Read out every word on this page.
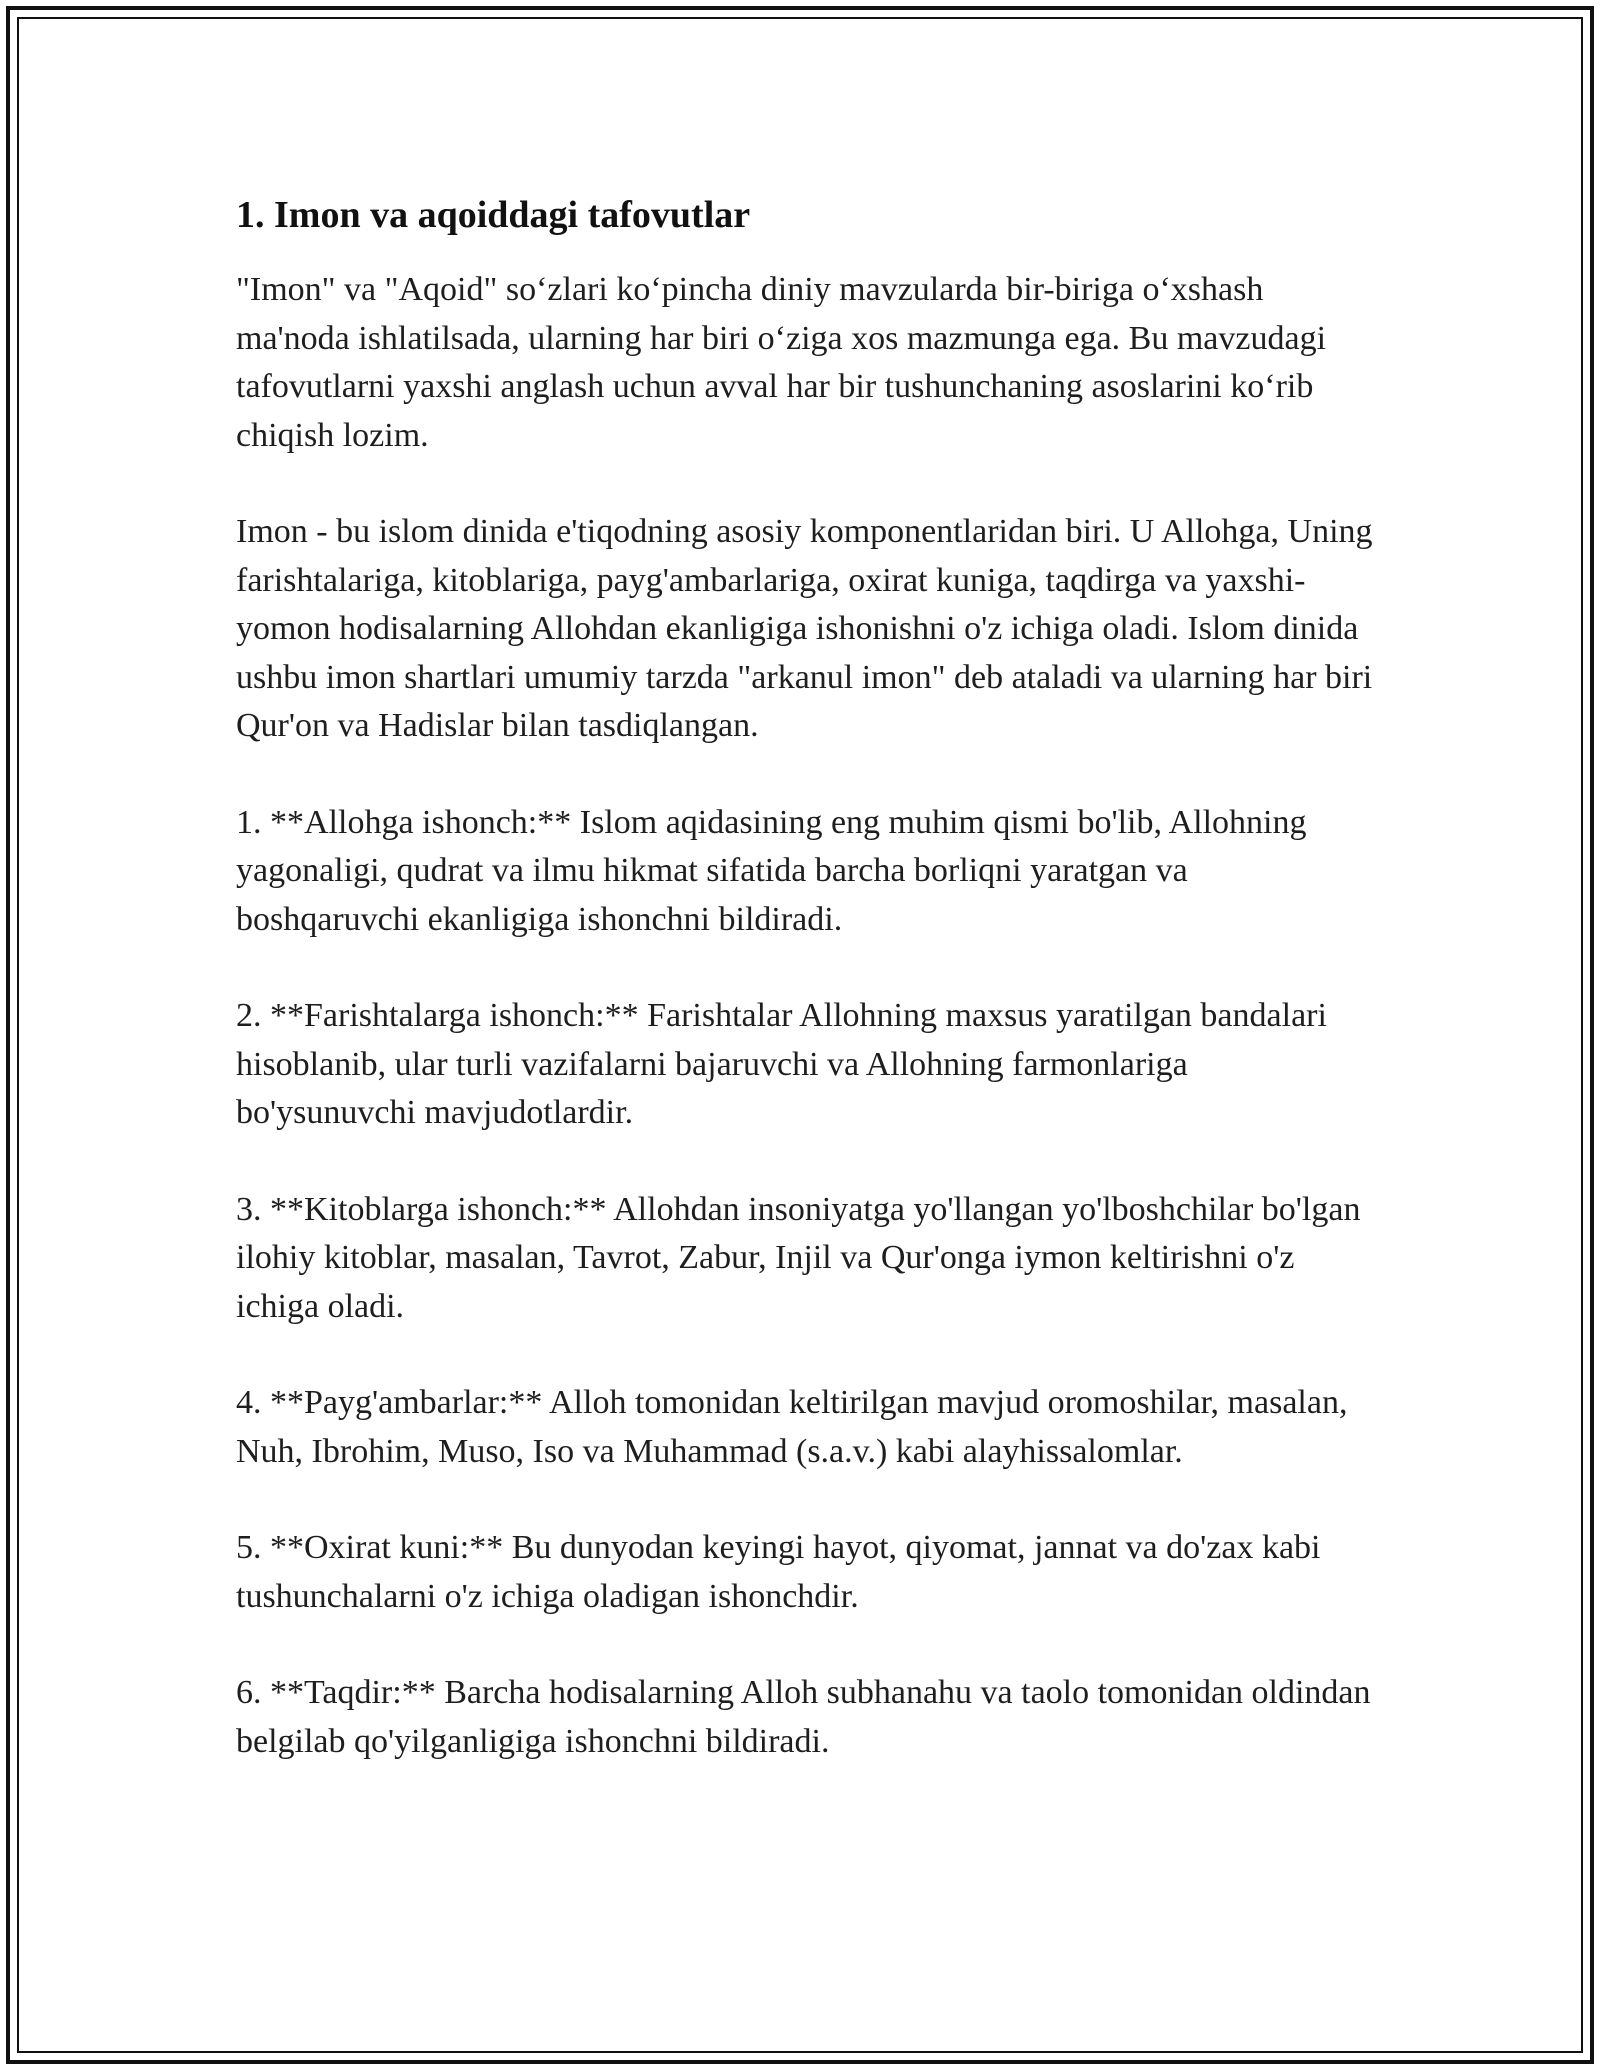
1. Imon va aqoiddagi tafovutlar

"Imon" va "Aqoid" so‘zlari ko‘pincha diniy mavzularda bir-biriga o‘xshash ma'noda ishlatilsada, ularning har biri o‘ziga xos mazmunga ega. Bu mavzudagi tafovutlarni yaxshi anglash uchun avval har bir tushunchaning asoslarini ko‘rib chiqish lozim.

Imon - bu islom dinida e'tiqodning asosiy komponentlaridan biri. U Allohga, Uning farishtalariga, kitoblariga, payg'ambarlariga, oxirat kuniga, taqdirga va yaxshi-yomon hodisalarning Allohdan ekanligiga ishonishni o'z ichiga oladi. Islom dinida ushbu imon shartlari umumiy tarzda "arkanul imon" deb ataladi va ularning har biri Qur'on va Hadislar bilan tasdiqlangan.

1. **Allohga ishonch:** Islom aqidasining eng muhim qismi bo'lib, Allohning yagonaligi, qudrat va ilmu hikmat sifatida barcha borliqni yaratgan va boshqaruvchi ekanligiga ishonchni bildiradi.

2. **Farishtalarga ishonch:** Farishtalar Allohning maxsus yaratilgan bandalari hisoblanib, ular turli vazifalarni bajaruvchi va Allohning farmonlariga bo'ysunuvchi mavjudotlardir.

3. **Kitoblarga ishonch:** Allohdan insoniyatga yo'llangan yo'lboshchilar bo'lgan ilohiy kitoblar, masalan, Tavrot, Zabur, Injil va Qur'onga iymon keltirishni o'z ichiga oladi.

4. **Payg'ambarlar:** Alloh tomonidan keltirilgan mavjud oromoshilar, masalan, Nuh, Ibrohim, Muso, Iso va Muhammad (s.a.v.) kabi alayhissalomlar.

5. **Oxirat kuni:** Bu dunyodan keyingi hayot, qiyomat, jannat va do'zax kabi tushunchalarni o'z ichiga oladigan ishonchdir.

6. **Taqdir:** Barcha hodisalarning Alloh subhanahu va taolo tomonidan oldindan belgilab qo'yilganligiga ishonchni bildiradi.
